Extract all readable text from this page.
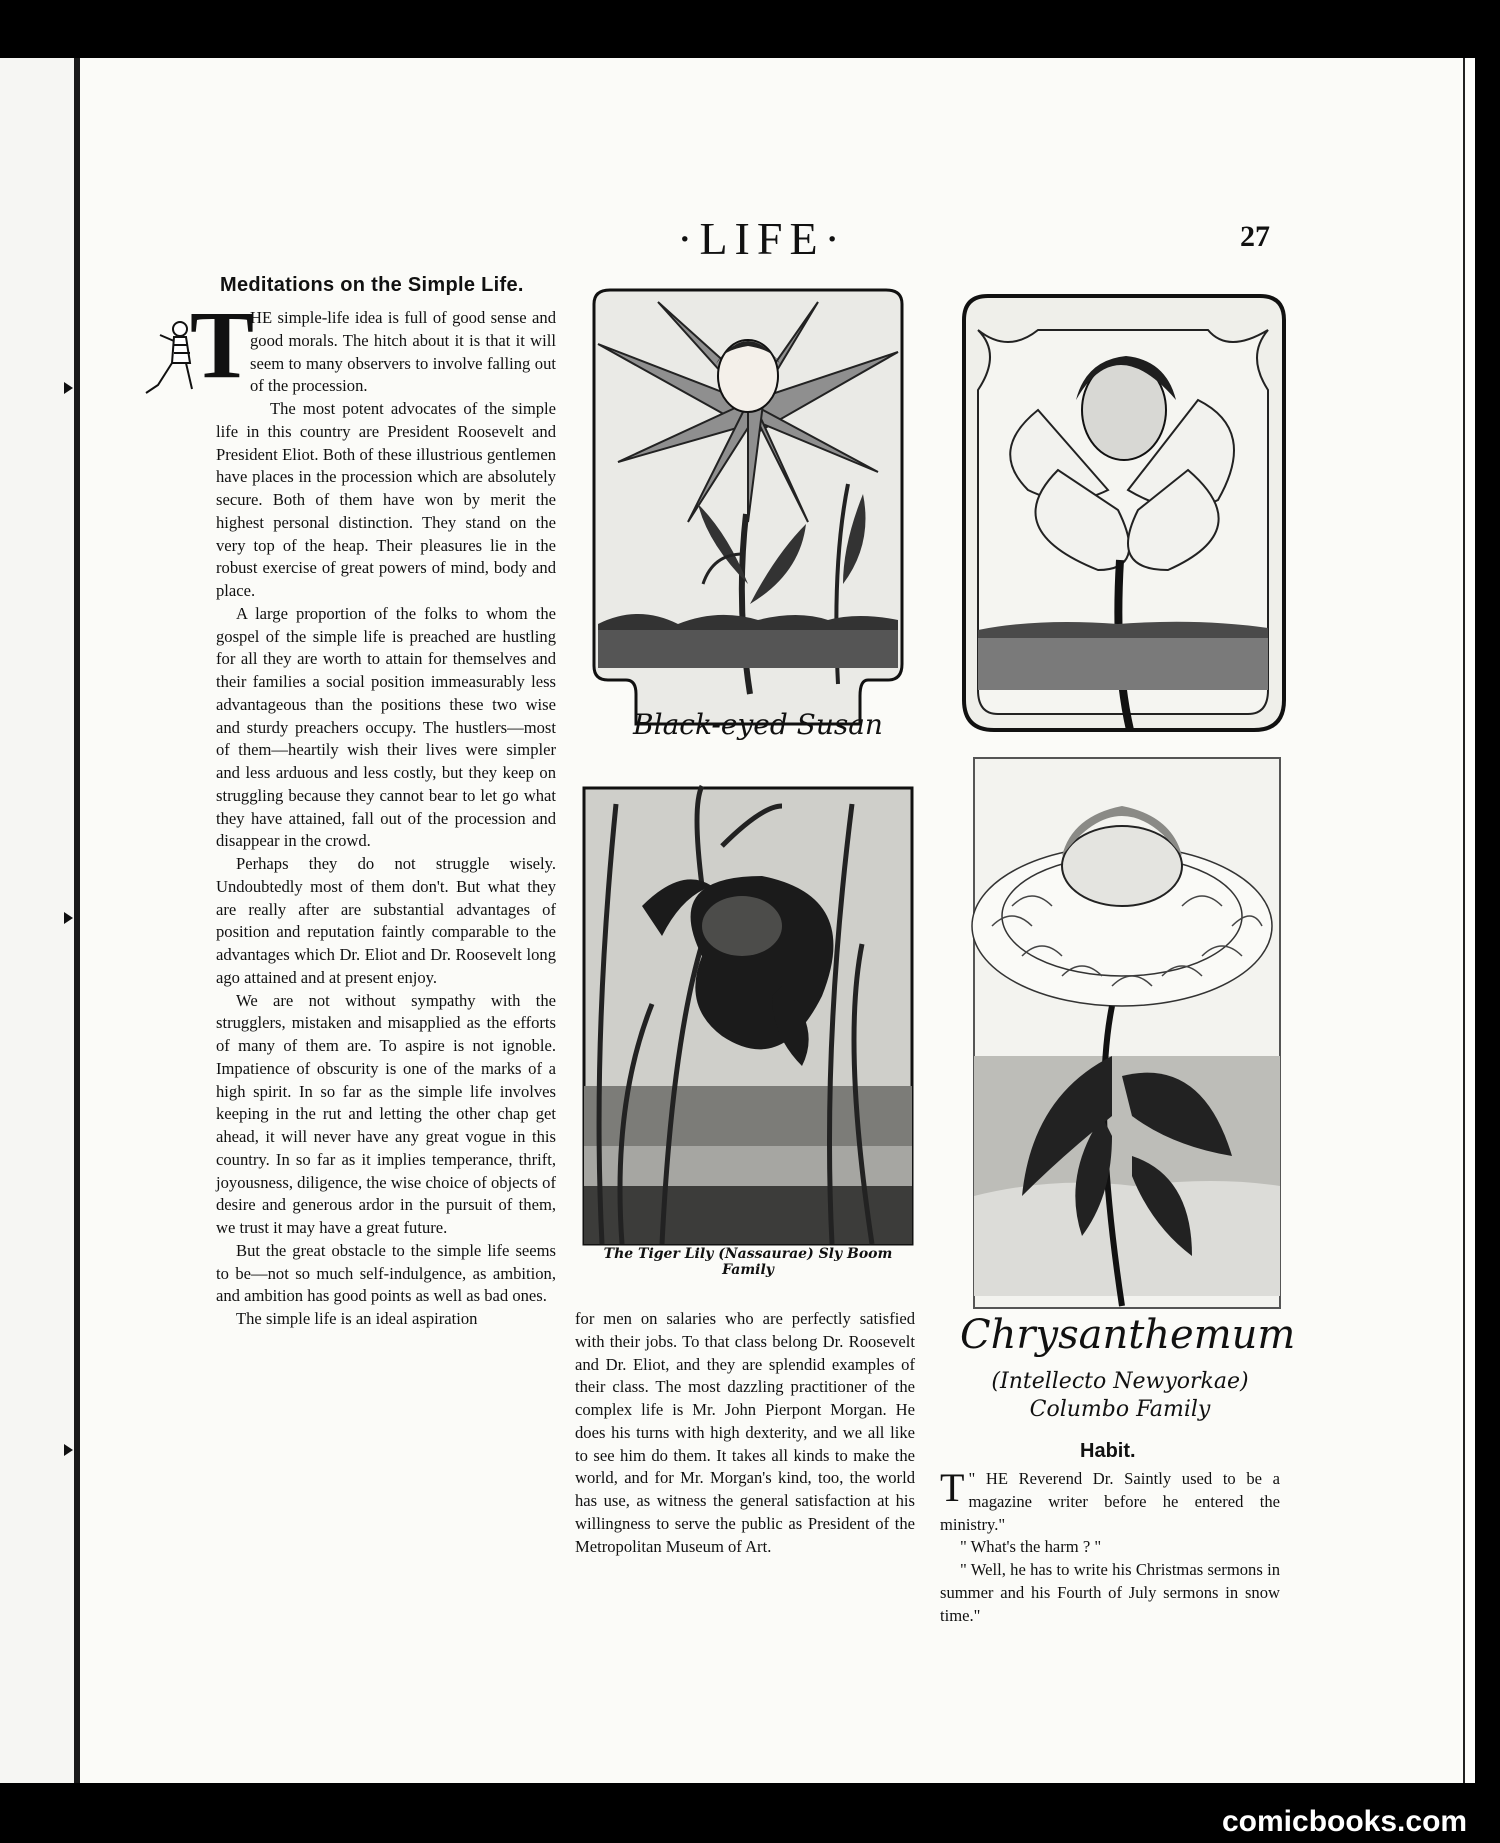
·LIFE·	27
Meditations on the Simple Life.

T
HE simple-life idea is full of good sense and good morals. The hitch about it is that it will seem to many observers to involve falling out of the procession.

The most potent advocates of the simple life in this country are President Roosevelt and President Eliot. Both of these illustrious gentlemen have places in the procession which are absolutely secure. Both of them have won by merit the highest personal distinction. They stand on the very top of the heap. Their pleasures lie in the robust exercise of great powers of mind, body and place.

A large proportion of the folks to whom the gospel of the simple life is preached are hustling for all they are worth to attain for themselves and their families a social position immeasurably less advantageous than the positions these two wise and sturdy preachers occupy. The hustlers—most of them—heartily wish their lives were simpler and less arduous and less costly, but they keep on struggling because they cannot bear to let go what they have attained, fall out of the procession and disappear in the crowd.

Perhaps they do not struggle wisely. Undoubtedly most of them don't. But what they are really after are substantial advantages of position and reputation faintly comparable to the advantages which Dr. Eliot and Dr. Roosevelt long ago attained and at present enjoy.

We are not without sympathy with the strugglers, mistaken and misapplied as the efforts of many of them are. To aspire is not ignoble. Impatience of obscurity is one of the marks of a high spirit. In so far as the simple life involves keeping in the rut and letting the other chap get ahead, it will never have any great vogue in this country. In so far as it implies temperance, thrift, joyousness, diligence, the wise choice of objects of desire and generous ardor in the pursuit of them, we trust it may have a great future.

But the great obstacle to the simple life seems to be—not so much self-indulgence, as ambition, and ambition has good points as well as bad ones.

The simple life is an ideal aspiration	for men on salaries who are perfectly satisfied with their jobs. To that class belong Dr. Roosevelt and Dr. Eliot, and they are splendid examples of their class. The most dazzling practitioner of the complex life is Mr. John Pierpont Morgan. He does his turns with high dexterity, and we all like to see him do them. It takes all kinds to make the world, and for Mr. Morgan's kind, too, the world has use, as witness the general satisfaction at his willingness to serve the public as President of the Metropolitan Museum of Art.

Black-eyed Susan
The Tiger Lily (Nassaurae) Sly Boom Family
Chrysanthemum
(Intellecto Newyorkae)
Columbo Family
Habit.

"
T HE Reverend Dr. Saintly used to be a magazine writer before he entered the ministry."

" What's the harm ? "

" Well, he has to write his Christmas sermons in summer and his Fourth of July sermons in snow time."

comicbooks.com
